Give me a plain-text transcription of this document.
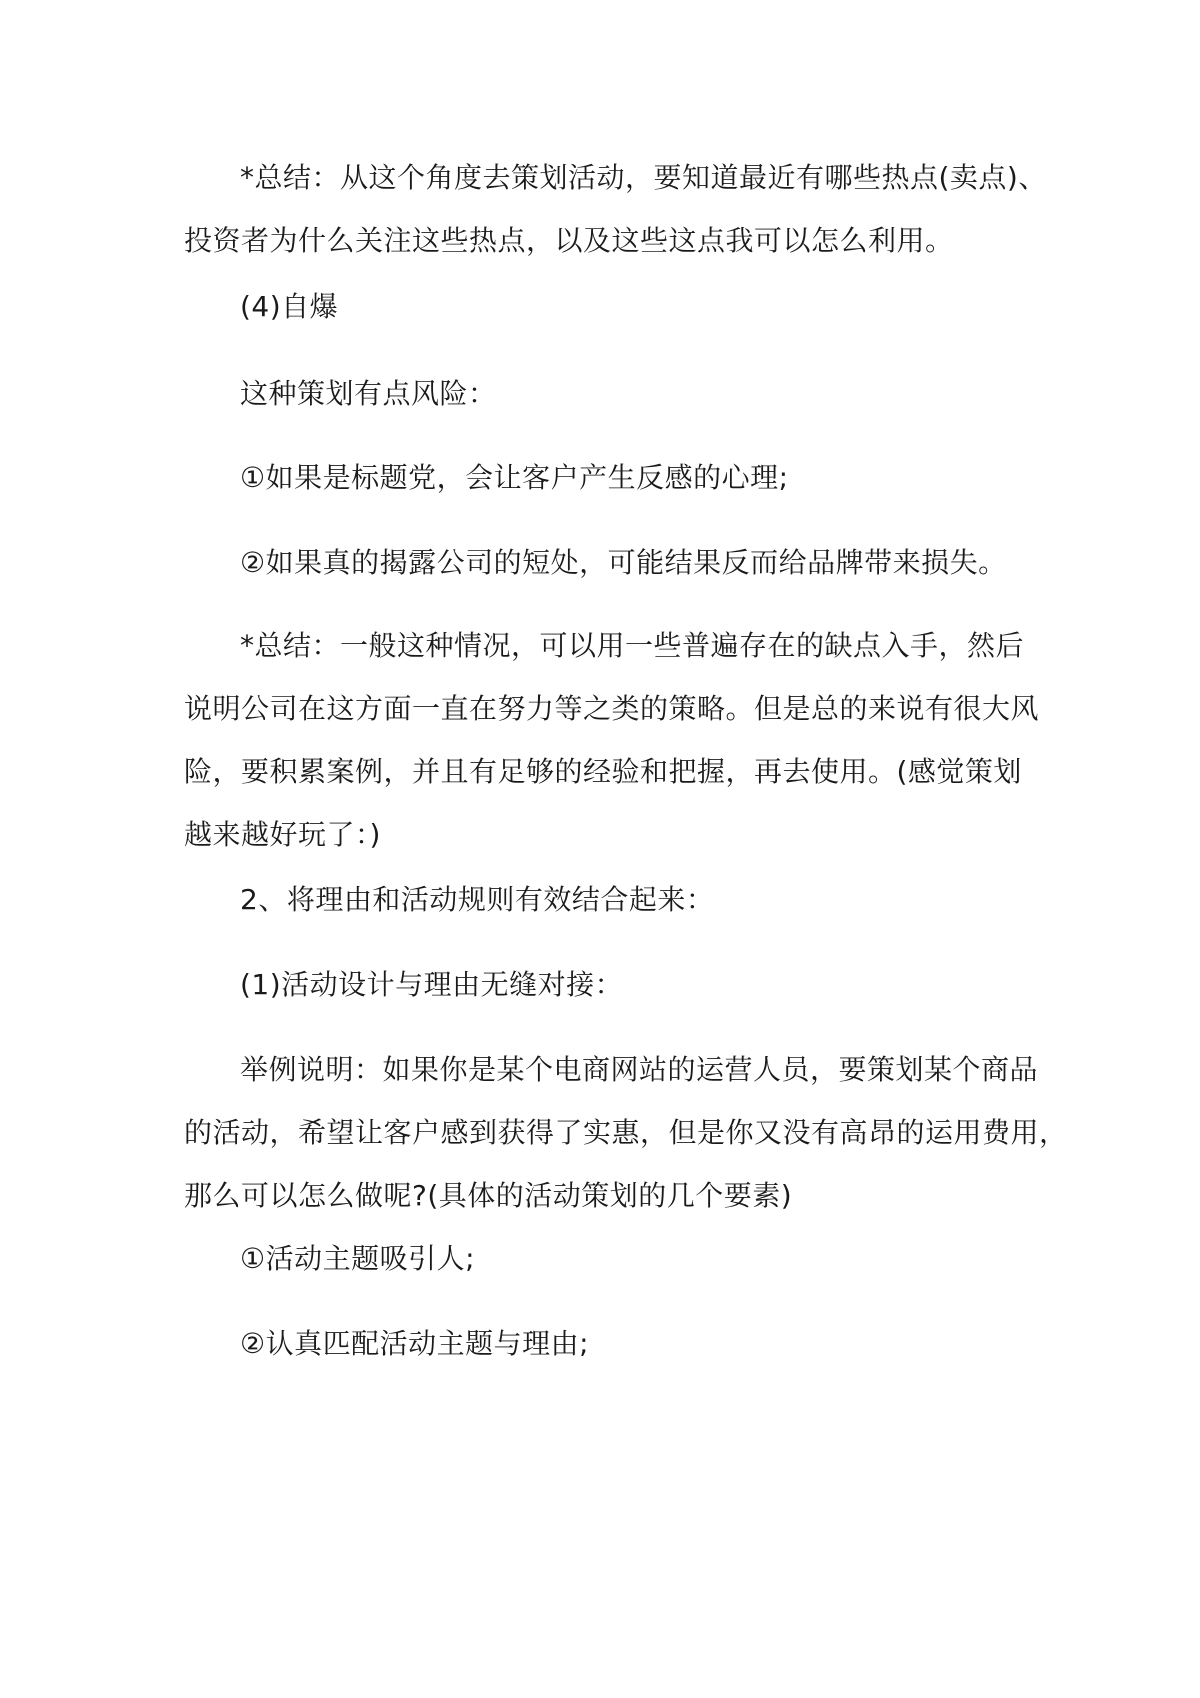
*总结：从这个角度去策划活动，要知道最近有哪些热点(卖点)、
投资者为什么关注这些热点，以及这些这点我可以怎么利用。
(4)自爆
这种策划有点风险：
①如果是标题党，会让客户产生反感的心理;
②如果真的揭露公司的短处，可能结果反而给品牌带来损失。
*总结：一般这种情况，可以用一些普遍存在的缺点入手，然后
说明公司在这方面一直在努力等之类的策略。但是总的来说有很大风
险，要积累案例，并且有足够的经验和把握，再去使用。(感觉策划
越来越好玩了：)
2、将理由和活动规则有效结合起来：
(1)活动设计与理由无缝对接：
举例说明：如果你是某个电商网站的运营人员，要策划某个商品
的活动，希望让客户感到获得了实惠，但是你又没有高昂的运用费用，
那么可以怎么做呢?(具体的活动策划的几个要素)
①活动主题吸引人;
②认真匹配活动主题与理由;
